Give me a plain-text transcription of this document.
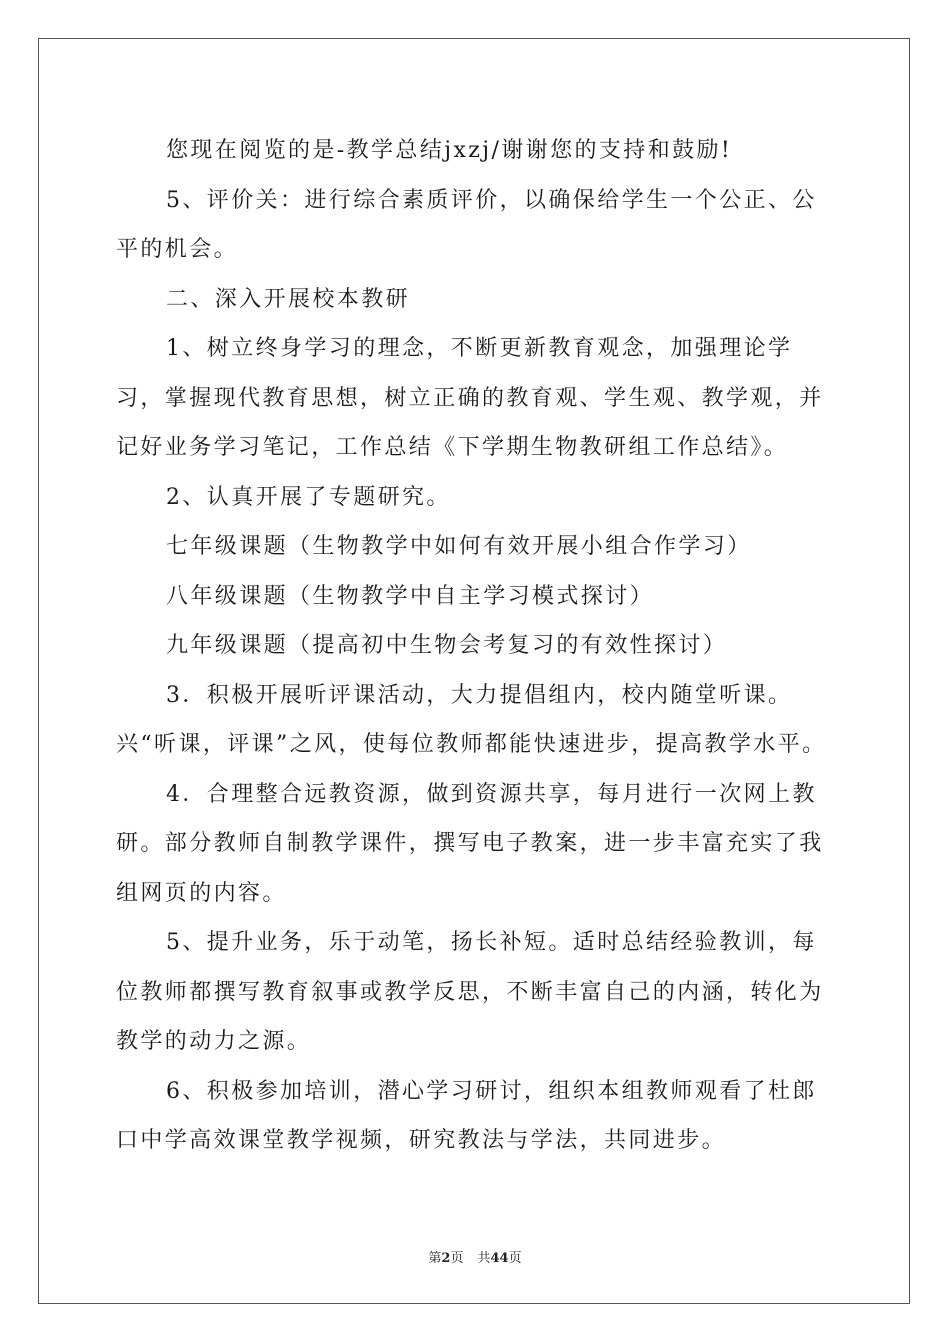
您现在阅览的是-教学总结jxzj/谢谢您的支持和鼓励!

5、评价关：进行综合素质评价，以确保给学生一个公正、公平的机会。

二、深入开展校本教研

1、树立终身学习的理念，不断更新教育观念，加强理论学习，掌握现代教育思想，树立正确的教育观、学生观、教学观，并记好业务学习笔记，工作总结《下学期生物教研组工作总结》。

2、认真开展了专题研究。

七年级课题（生物教学中如何有效开展小组合作学习）

八年级课题（生物教学中自主学习模式探讨）

九年级课题（提高初中生物会考复习的有效性探讨）

3．积极开展听评课活动，大力提倡组内，校内随堂听课。兴“听课，评课”之风，使每位教师都能快速进步，提高教学水平。

4．合理整合远教资源，做到资源共享，每月进行一次网上教研。部分教师自制教学课件，撰写电子教案，进一步丰富充实了我组网页的内容。

5、提升业务，乐于动笔，扬长补短。适时总结经验教训，每位教师都撰写教育叙事或教学反思，不断丰富自己的内涵，转化为教学的动力之源。

6、积极参加培训，潜心学习研讨，组织本组教师观看了杜郎口中学高效课堂教学视频，研究教法与学法，共同进步。

第2页 共44页
